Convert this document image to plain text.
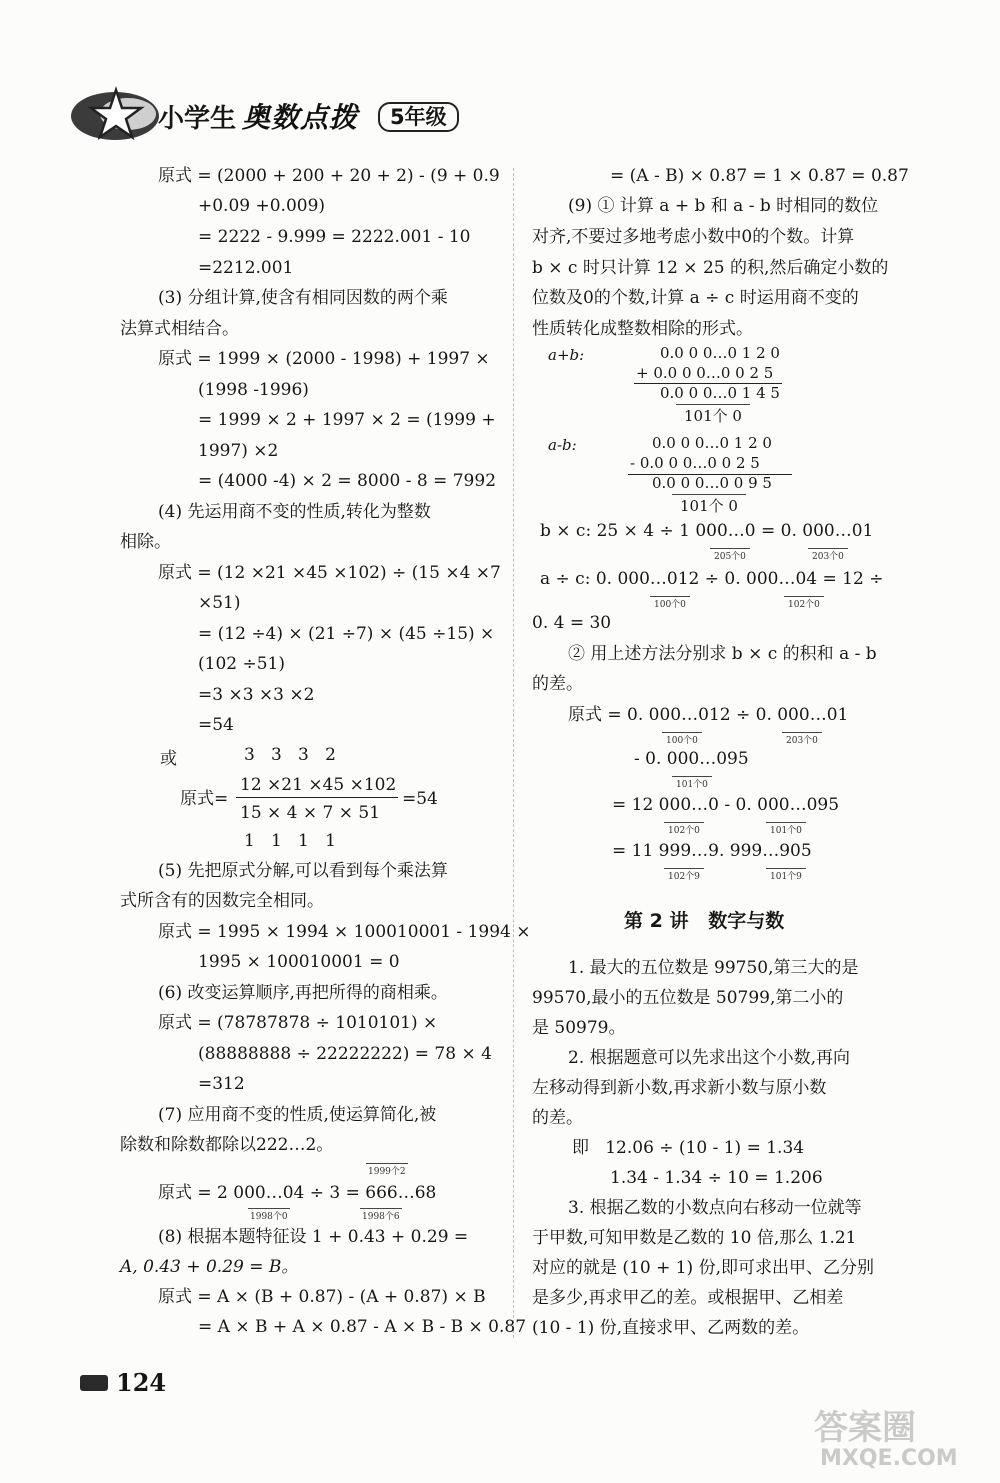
小学生 奥数点拨	5年级
原式 = (2000 + 200 + 20 + 2) - (9 + 0.9
+0.09 +0.009)
= 2222 - 9.999 = 2222.001 - 10
=2212.001
(3) 分组计算,使含有相同因数的两个乘
法算式相结合。
原式 = 1999 × (2000 - 1998) + 1997 ×
(1998 -1996)
= 1999 × 2 + 1997 × 2 = (1999 +
1997) ×2
= (4000 -4) × 2 = 8000 - 8 = 7992
(4) 先运用商不变的性质,转化为整数
相除。
原式 = (12 ×21 ×45 ×102) ÷ (15 ×4 ×7
×51)
= (12 ÷4) × (21 ÷7) × (45 ÷15) ×
(102 ÷51)
=3 ×3 ×3 ×2
=54
或	3   3   3   2
原式=
12 ×21 ×45 ×102
15 × 4 × 7 × 51
=54
1   1   1   1
(5) 先把原式分解,可以看到每个乘法算
式所含有的因数完全相同。
原式 = 1995 × 1994 × 100010001 - 1994 ×
1995 × 100010001 = 0
(6) 改变运算顺序,再把所得的商相乘。
原式 = (78787878 ÷ 1010101) ×
(88888888 ÷ 22222222) = 78 × 4
=312
(7) 应用商不变的性质,使运算简化,被
除数和除数都除以222…2。
1999个2
原式 = 2 000…04 ÷ 3 = 666…68
1998个0	1998个6
(8) 根据本题特征设 1 + 0.43 + 0.29 =
A, 0.43 + 0.29 = B。
原式 = A × (B + 0.87) - (A + 0.87) × B
= A × B + A × 0.87 - A × B - B × 0.87
= (A - B) × 0.87 = 1 × 0.87 = 0.87
(9) ① 计算 a + b 和 a - b 时相同的数位
对齐,不要过多地考虑小数中0的个数。计算
b × c 时只计算 12 × 25 的积,然后确定小数的
位数及0的个数,计算 a ÷ c 时运用商不变的
性质转化成整数相除的形式。
a+b:	0.0 0 0…0 1 2 0
+ 0.0 0 0…0 0 2 5
0.0 0 0…0 1 4 5
101个 0
a-b:	0.0 0 0…0 1 2 0
- 0.0 0 0…0 0 2 5
0.0 0 0…0 0 9 5
101个 0
b × c: 25 × 4 ÷ 1 000…0 = 0. 000…01
205个0	203个0
a ÷ c: 0. 000…012 ÷ 0. 000…04 = 12 ÷
100个0	102个0
0. 4 = 30
② 用上述方法分别求 b × c 的积和 a - b
的差。
原式 = 0. 000…012 ÷ 0. 000…01
100个0	203个0
- 0. 000…095
101个0
= 12 000…0 - 0. 000…095
102个0	101个0
= 11 999…9. 999…905
102个9	101个9
第 2 讲   数字与数
1. 最大的五位数是 99750,第三大的是
99570,最小的五位数是 50799,第二小的
是 50979。
2. 根据题意可以先求出这个小数,再向
左移动得到新小数,再求新小数与原小数
的差。
即   12.06 ÷ (10 - 1) = 1.34
1.34 - 1.34 ÷ 10 = 1.206
3. 根据乙数的小数点向右移动一位就等
于甲数,可知甲数是乙数的 10 倍,那么 1.21
对应的就是 (10 + 1) 份,即可求出甲、乙分别
是多少,再求甲乙的差。或根据甲、乙相差
(10 - 1) 份,直接求甲、乙两数的差。
124
答案圈
MXQE.COM
